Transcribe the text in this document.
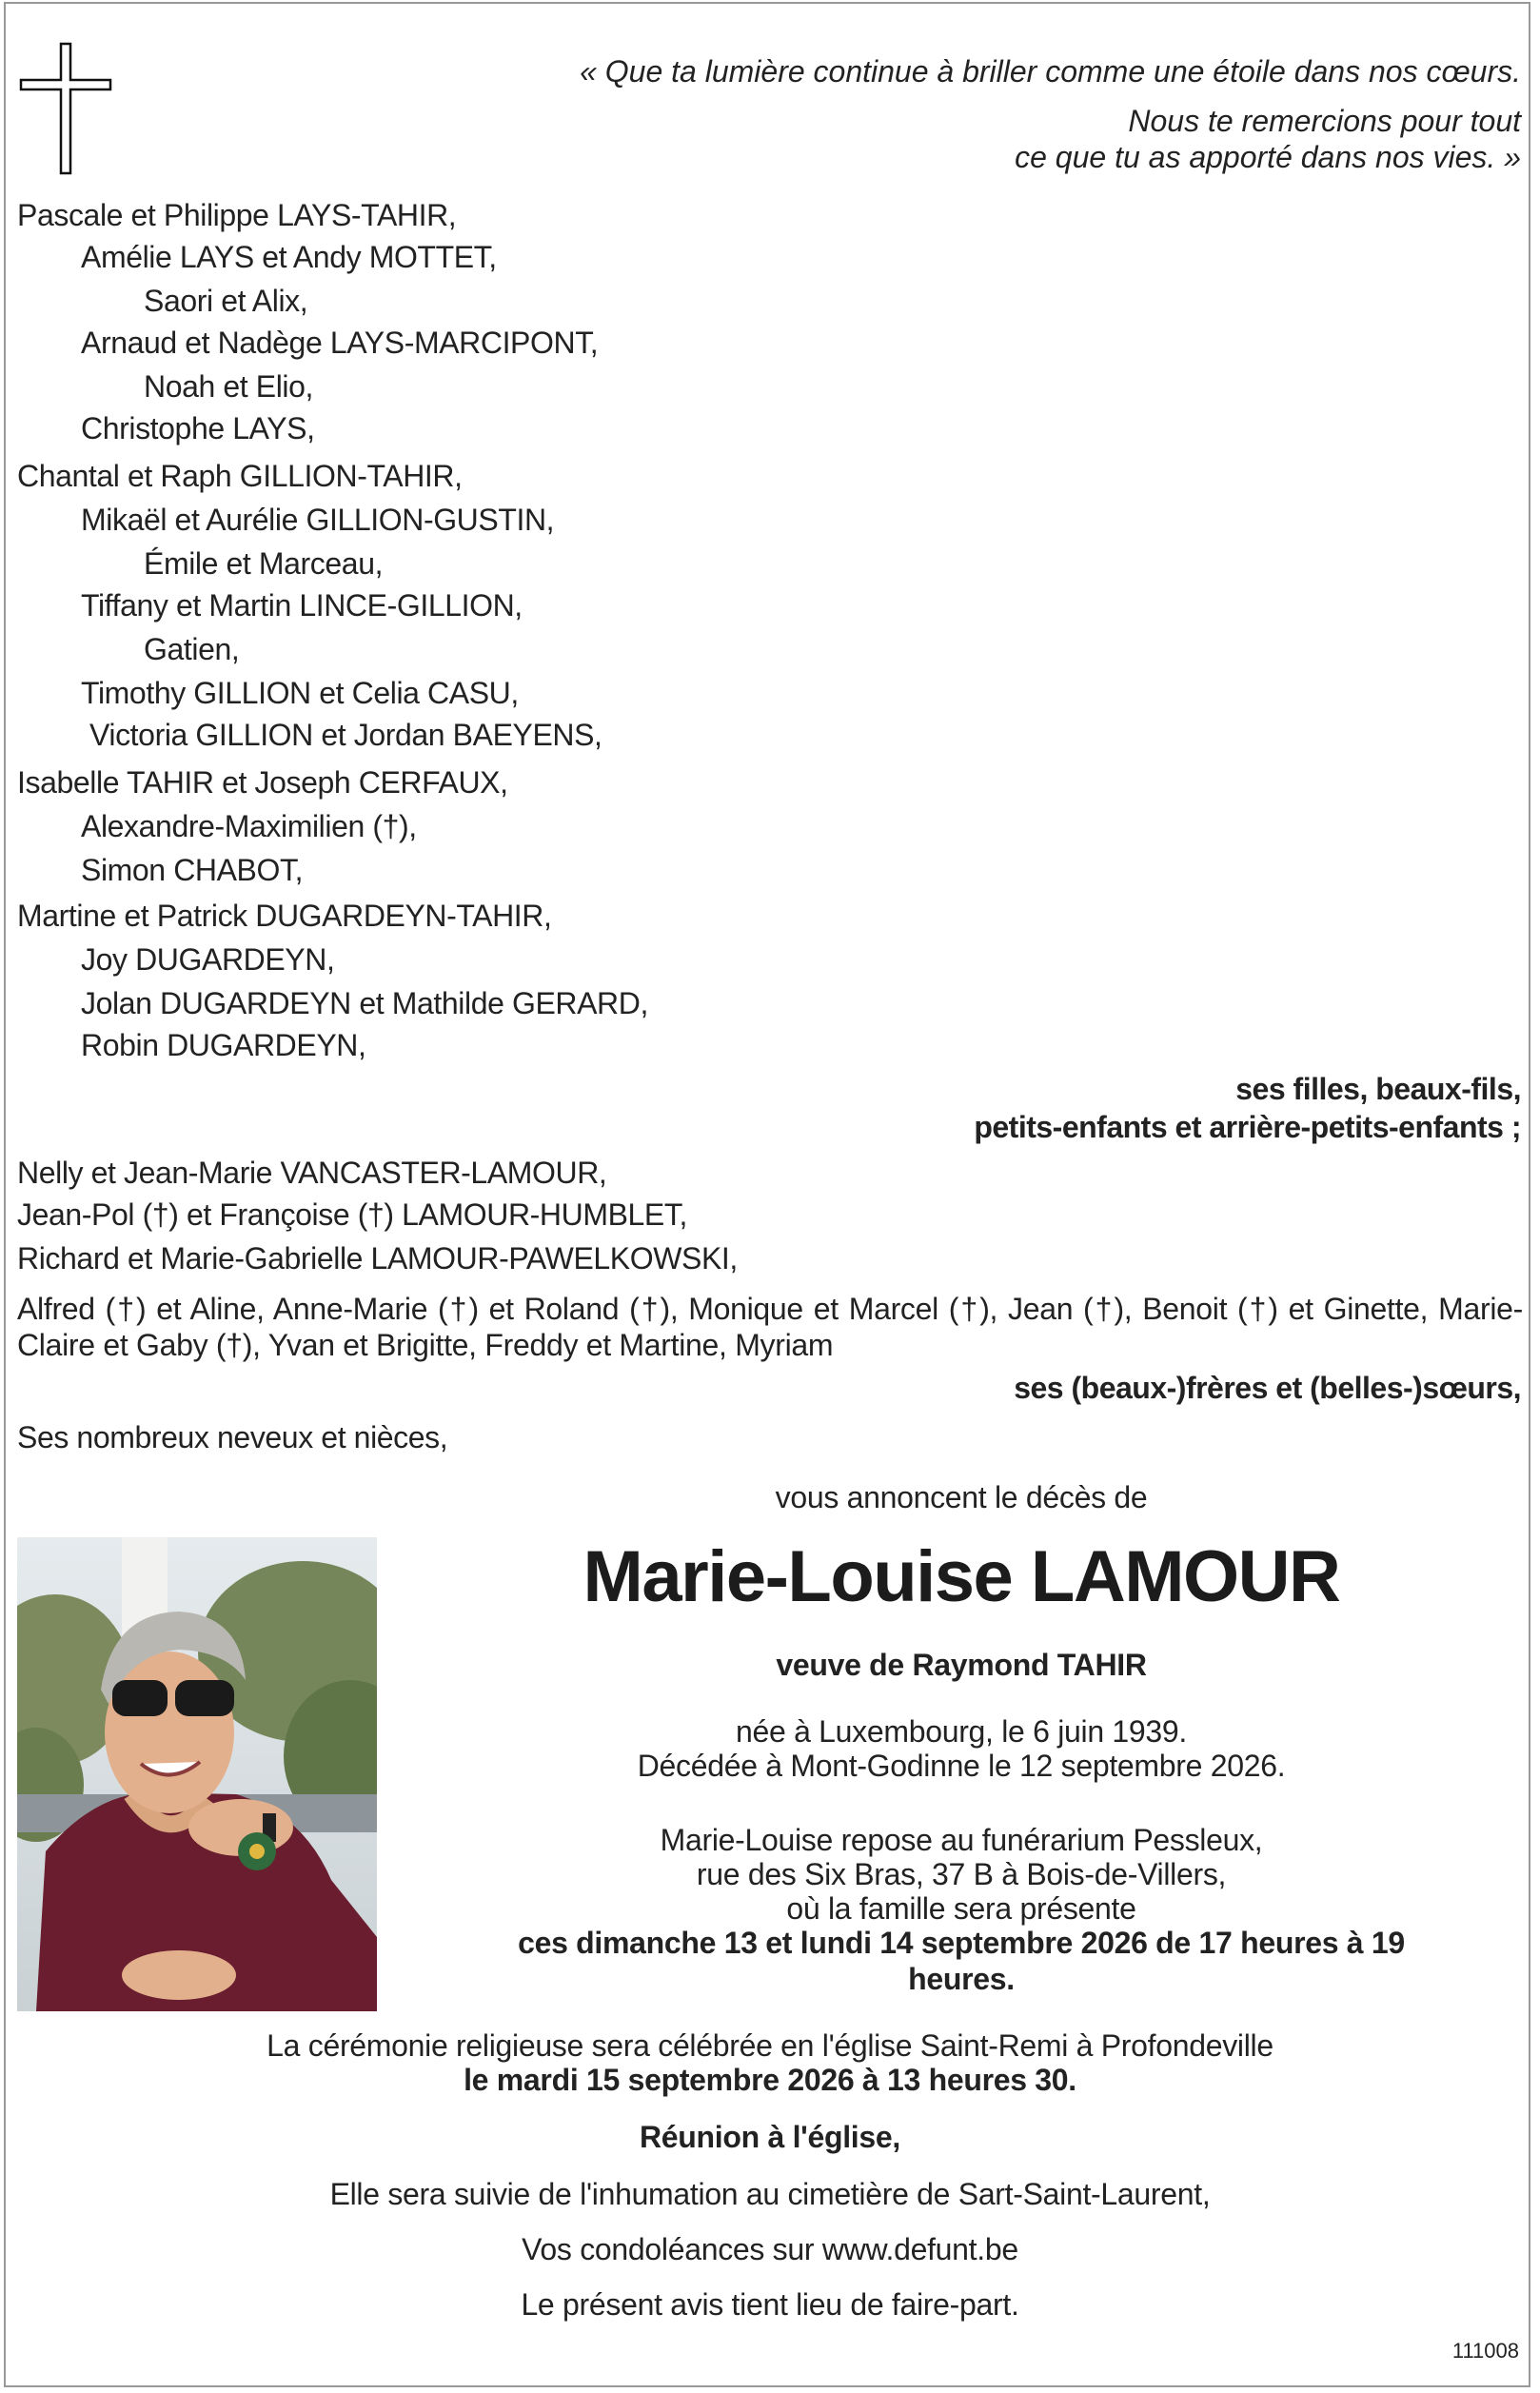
« Que ta lumière continue à briller comme une étoile dans nos cœurs.
Nous te remercions pour tout
ce que tu as apporté dans nos vies. »
Pascale et Philippe LAYS-TAHIR,
Amélie LAYS et Andy MOTTET,
Saori et Alix,
Arnaud et Nadège LAYS-MARCIPONT,
Noah et Elio,
Christophe LAYS,
Chantal et Raph GILLION-TAHIR,
Mikaël et Aurélie GILLION-GUSTIN,
Émile et Marceau,
Tiffany et Martin LINCE-GILLION,
Gatien,
Timothy GILLION et Celia CASU,
Victoria GILLION et Jordan BAEYENS,
Isabelle TAHIR et Joseph CERFAUX,
Alexandre-Maximilien (†),
Simon CHABOT,
Martine et Patrick DUGARDEYN-TAHIR,
Joy DUGARDEYN,
Jolan DUGARDEYN et Mathilde GERARD,
Robin DUGARDEYN,
ses filles, beaux-fils,
petits-enfants et arrière-petits-enfants ;
Nelly et Jean-Marie VANCASTER-LAMOUR,
Jean-Pol (†) et Françoise (†) LAMOUR-HUMBLET,
Richard et Marie-Gabrielle LAMOUR-PAWELKOWSKI,
Alfred (†) et Aline, Anne-Marie (†) et Roland (†), Monique et Marcel (†), Jean (†), Benoit (†) et Ginette, Marie-Claire et Gaby (†), Yvan et Brigitte, Freddy et Martine, Myriam
ses (beaux-)frères et (belles-)sœurs,
Ses nombreux neveux et nièces,
vous annoncent le décès de
Marie-Louise LAMOUR
veuve de Raymond TAHIR
née à Luxembourg, le 6 juin 1939.
Décédée à Mont-Godinne le 12 septembre 2026.
Marie-Louise repose au funérarium Pessleux,
rue des Six Bras, 37 B à Bois-de-Villers,
où la famille sera présente
ces dimanche 13 et lundi 14 septembre 2026 de 17 heures à 19 heures.
La cérémonie religieuse sera célébrée en l'église Saint-Remi à Profondeville
le mardi 15 septembre 2026 à 13 heures 30.
Réunion à l'église,
Elle sera suivie de l'inhumation au cimetière de Sart-Saint-Laurent,
Vos condoléances sur www.defunt.be
Le présent avis tient lieu de faire-part.
111008
